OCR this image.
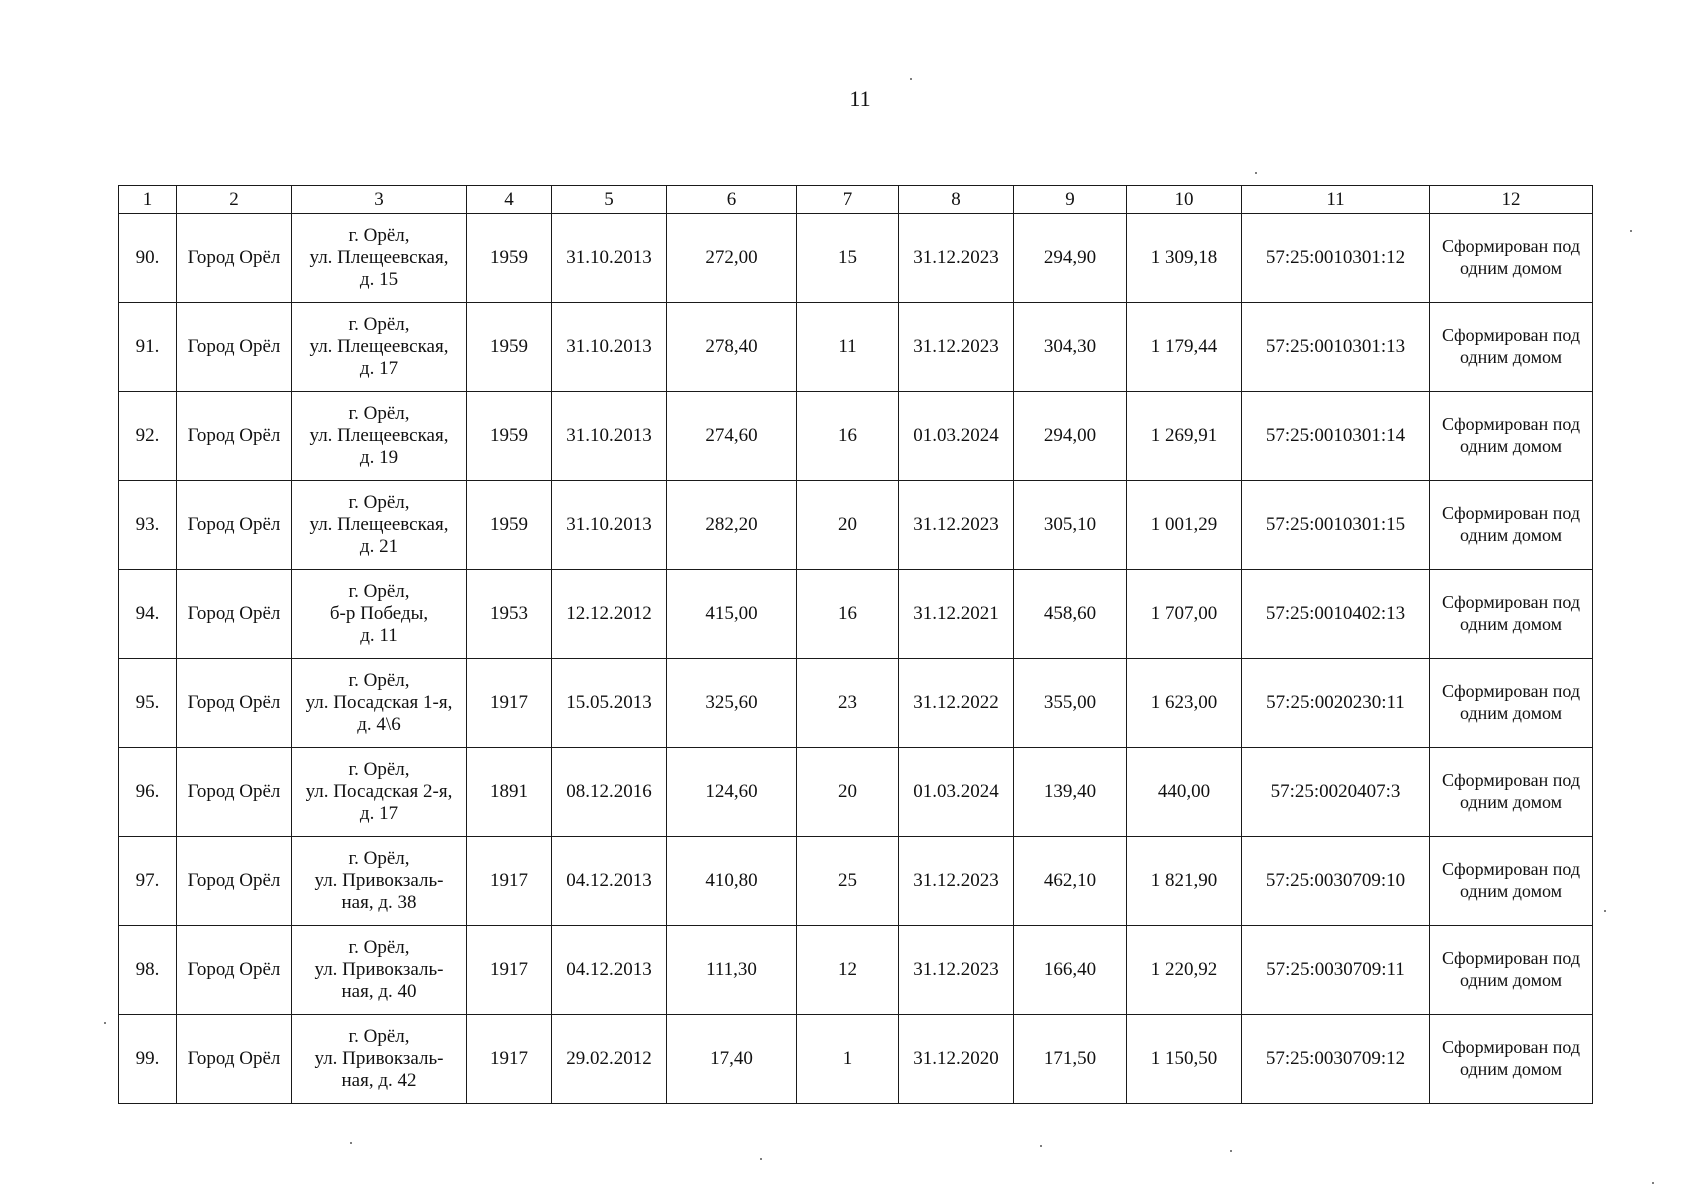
11
1	2	3	4	5	6	7	8	9	10	11	12
90.	Город Орёл	г. Орёл,
ул. Плещеевская,
д. 15	1959	31.10.2013	272,00	15	31.12.2023	294,90	1 309,18	57:25:0010301:12	Сформирован под одним домом
91.	Город Орёл	г. Орёл,
ул. Плещеевская,
д. 17	1959	31.10.2013	278,40	11	31.12.2023	304,30	1 179,44	57:25:0010301:13	Сформирован под одним домом
92.	Город Орёл	г. Орёл,
ул. Плещеевская,
д. 19	1959	31.10.2013	274,60	16	01.03.2024	294,00	1 269,91	57:25:0010301:14	Сформирован под одним домом
93.	Город Орёл	г. Орёл,
ул. Плещеевская,
д. 21	1959	31.10.2013	282,20	20	31.12.2023	305,10	1 001,29	57:25:0010301:15	Сформирован под одним домом
94.	Город Орёл	г. Орёл,
б-р Победы,
д. 11	1953	12.12.2012	415,00	16	31.12.2021	458,60	1 707,00	57:25:0010402:13	Сформирован под одним домом
95.	Город Орёл	г. Орёл,
ул. Посадская 1-я,
д. 4\6	1917	15.05.2013	325,60	23	31.12.2022	355,00	1 623,00	57:25:0020230:11	Сформирован под одним домом
96.	Город Орёл	г. Орёл,
ул. Посадская 2-я,
д. 17	1891	08.12.2016	124,60	20	01.03.2024	139,40	440,00	57:25:0020407:3	Сформирован под одним домом
97.	Город Орёл	г. Орёл,
ул. Привокзаль-
ная, д. 38	1917	04.12.2013	410,80	25	31.12.2023	462,10	1 821,90	57:25:0030709:10	Сформирован под одним домом
98.	Город Орёл	г. Орёл,
ул. Привокзаль-
ная, д. 40	1917	04.12.2013	111,30	12	31.12.2023	166,40	1 220,92	57:25:0030709:11	Сформирован под одним домом
99.	Город Орёл	г. Орёл,
ул. Привокзаль-
ная, д. 42	1917	29.02.2012	17,40	1	31.12.2020	171,50	1 150,50	57:25:0030709:12	Сформирован под одним домом
